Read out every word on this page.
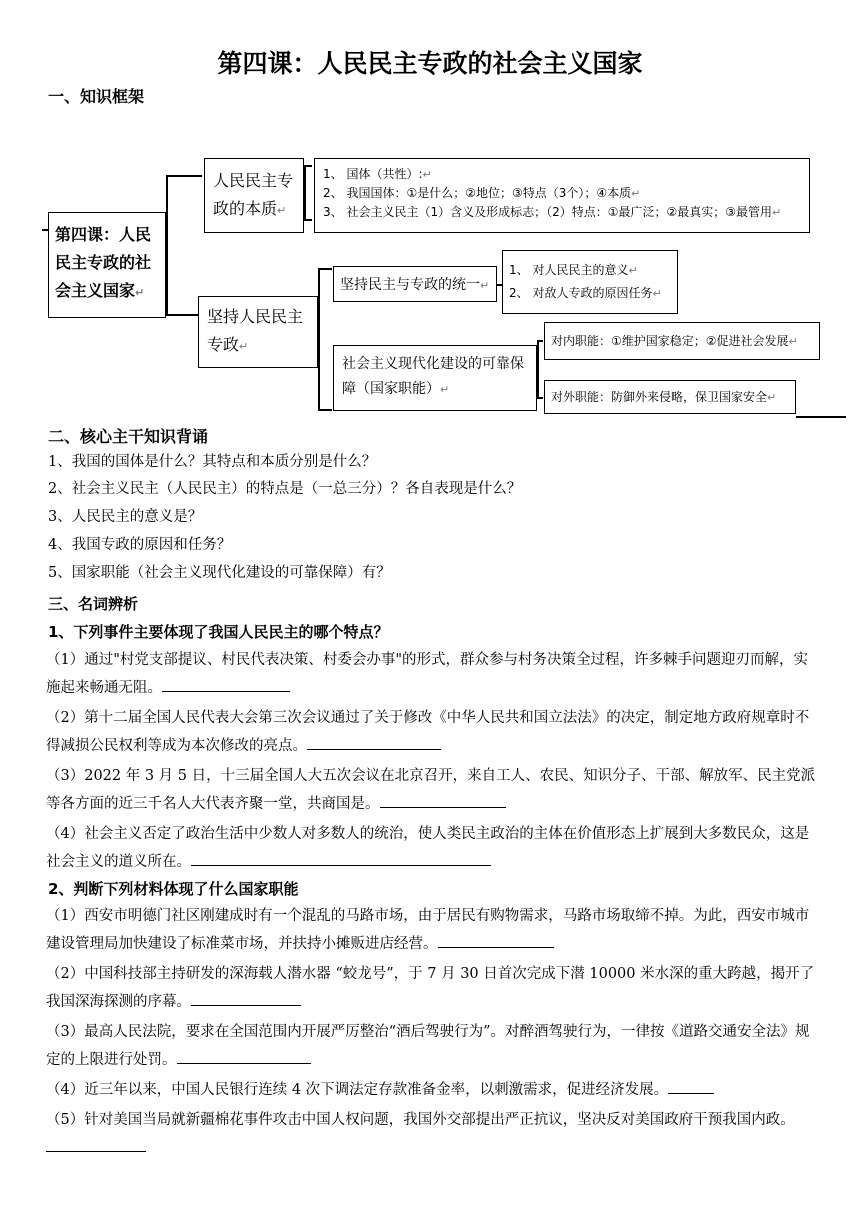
第四课：人民民主专政的社会主义国家
一、知识框架
第四课：人民民主专政的社会主义国家↵
人民民主专政的本质↵
1、 国体（共性）:↵
2、 我国国体：①是什么；②地位；③特点（3个）；④本质↵
3、 社会主义民主（1）含义及形成标志；（2）特点：①最广泛；②最真实；③最管用↵
坚持人民民主专政↵
坚持民主与专政的统一↵
1、 对人民民主的意义↵
2、 对敌人专政的原因任务↵
社会主义现代化建设的可靠保障（国家职能）↵
对内职能：①维护国家稳定；②促进社会发展↵
对外职能：防御外来侵略，保卫国家安全↵
二、核心主干知识背诵
1、我国的国体是什么？其特点和本质分别是什么？
2、社会主义民主（人民民主）的特点是（一总三分）？各自表现是什么？
3、人民民主的意义是？
4、我国专政的原因和任务？
5、国家职能（社会主义现代化建设的可靠保障）有？
三、名词辨析
1、下列事件主要体现了我国人民民主的哪个特点？
（1）通过"村党支部提议、村民代表决策、村委会办事"的形式，群众参与村务决策全过程，许多棘手问题迎刃而解，实施起来畅通无阻。
（2）第十二届全国人民代表大会第三次会议通过了关于修改《中华人民共和国立法法》的决定，制定地方政府规章时不得减损公民权利等成为本次修改的亮点。
（3）2022 年 3 月 5 日，十三届全国人大五次会议在北京召开，来自工人、农民、知识分子、干部、解放军、民主党派等各方面的近三千名人大代表齐聚一堂，共商国是。
（4）社会主义否定了政治生活中少数人对多数人的统治，使人类民主政治的主体在价值形态上扩展到大多数民众，这是社会主义的道义所在。
2、判断下列材料体现了什么国家职能
（1）西安市明德门社区刚建成时有一个混乱的马路市场，由于居民有购物需求，马路市场取缔不掉。为此，西安市城市建设管理局加快建设了标准菜市场，并扶持小摊贩进店经营。
（2）中国科技部主持研发的深海载人潜水器 “蛟龙号”，于 7 月 30 日首次完成下潜 10000 米水深的重大跨越，揭开了我国深海探测的序幕。
（3）最高人民法院，要求在全国范围内开展严厉整治“酒后驾驶行为”。对醉酒驾驶行为，一律按《道路交通安全法》规定的上限进行处罚。
（4）近三年以来，中国人民银行连续 4 次下调法定存款准备金率，以刺激需求，促进经济发展。
（5）针对美国当局就新疆棉花事件攻击中国人权问题，我国外交部提出严正抗议，坚决反对美国政府干预我国内政。
